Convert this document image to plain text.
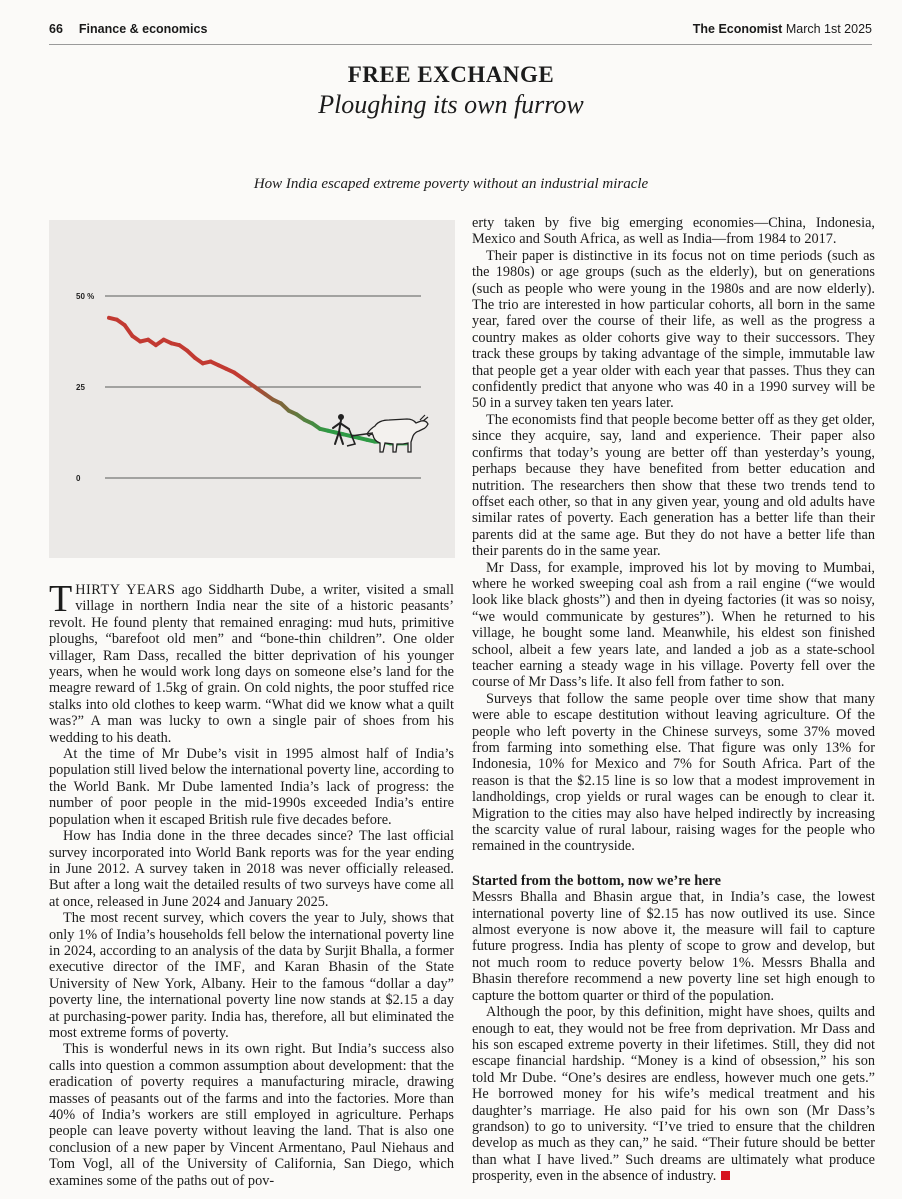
66 Finance & economics	The Economist March 1st 2025
FREE EXCHANGE
Ploughing its own furrow
How India escaped extreme poverty without an industrial miracle
50 %
25
0

THIRTY YEARS ago Siddharth Dube, a writer, visited a small village in northern India near the site of a historic peasants’ revolt. He found plenty that remained enraging: mud huts, primitive ploughs, “barefoot old men” and “bone-thin children”. One older villager, Ram Dass, recalled the bitter deprivation of his younger years, when he would work long days on someone else’s land for the meagre reward of 1.5kg of grain. On cold nights, the poor stuffed rice stalks into old clothes to keep warm. “What did we know what a quilt was?” A man was lucky to own a single pair of shoes from his wedding to his death.

At the time of Mr Dube’s visit in 1995 almost half of India’s population still lived below the international poverty line, according to the World Bank. Mr Dube lamented India’s lack of progress: the number of poor people in the mid-1990s exceeded India’s entire population when it escaped British rule five decades before.

How has India done in the three decades since? The last official survey incorporated into World Bank reports was for the year ending in June 2012. A survey taken in 2018 was never officially released. But after a long wait the detailed results of two surveys have come all at once, released in June 2024 and January 2025.

The most recent survey, which covers the year to July, shows that only 1% of India’s households fell below the international poverty line in 2024, according to an analysis of the data by Surjit Bhalla, a former executive director of the IMF, and Karan Bhasin of the State University of New York, Albany. Heir to the famous “dollar a day” poverty line, the international poverty line now stands at $2.15 a day at purchasing-power parity. India has, therefore, all but eliminated the most extreme forms of poverty.

This is wonderful news in its own right. But India’s success also calls into question a common assumption about development: that the eradication of poverty requires a manufacturing miracle, drawing masses of peasants out of the farms and into the factories. More than 40% of India’s workers are still employed in agriculture. Perhaps people can leave poverty without leaving the land. That is also one conclusion of a new paper by Vincent Armentano, Paul Niehaus and Tom Vogl, all of the University of California, San Diego, which examines some of the paths out of pov-

erty taken by five big emerging economies—China, Indonesia, Mexico and South Africa, as well as India—from 1984 to 2017.

Their paper is distinctive in its focus not on time periods (such as the 1980s) or age groups (such as the elderly), but on generations (such as people who were young in the 1980s and are now elderly). The trio are interested in how particular cohorts, all born in the same year, fared over the course of their life, as well as the progress a country makes as older cohorts give way to their successors. They track these groups by taking advantage of the simple, immutable law that people get a year older with each year that passes. Thus they can confidently predict that anyone who was 40 in a 1990 survey will be 50 in a survey taken ten years later.

The economists find that people become better off as they get older, since they acquire, say, land and experience. Their paper also confirms that today’s young are better off than yesterday’s young, perhaps because they have benefited from better education and nutrition. The researchers then show that these two trends tend to offset each other, so that in any given year, young and old adults have similar rates of poverty. Each generation has a better life than their parents did at the same age. But they do not have a better life than their parents do in the same year.

Mr Dass, for example, improved his lot by moving to Mumbai, where he worked sweeping coal ash from a rail engine (“we would look like black ghosts”) and then in dyeing factories (it was so noisy, “we would communicate by gestures”). When he returned to his village, he bought some land. Meanwhile, his eldest son finished school, albeit a few years late, and landed a job as a state-school teacher earning a steady wage in his village. Poverty fell over the course of Mr Dass’s life. It also fell from father to son.

Surveys that follow the same people over time show that many were able to escape destitution without leaving agriculture. Of the people who left poverty in the Chinese surveys, some 37% moved from farming into something else. That figure was only 13% for Indonesia, 10% for Mexico and 7% for South Africa. Part of the reason is that the $2.15 line is so low that a modest improvement in landholdings, crop yields or rural wages can be enough to clear it. Migration to the cities may also have helped indirectly by increasing the scarcity value of rural labour, raising wages for the people who remained in the countryside.

Started from the bottom, now we’re here

Messrs Bhalla and Bhasin argue that, in India’s case, the lowest international poverty line of $2.15 has now outlived its use. Since almost everyone is now above it, the measure will fail to capture future progress. India has plenty of scope to grow and develop, but not much room to reduce poverty below 1%. Messrs Bhalla and Bhasin therefore recommend a new poverty line set high enough to capture the bottom quarter or third of the population.

Although the poor, by this definition, might have shoes, quilts and enough to eat, they would not be free from deprivation. Mr Dass and his son escaped extreme poverty in their lifetimes. Still, they did not escape financial hardship. “Money is a kind of obsession,” his son told Mr Dube. “One’s desires are endless, however much one gets.” He borrowed money for his wife’s medical treatment and his daughter’s marriage. He also paid for his own son (Mr Dass’s grandson) to go to university. “I’ve tried to ensure that the children develop as much as they can,” he said. “Their future should be better than what I have lived.” Such dreams are ultimately what produce prosperity, even in the absence of industry.
